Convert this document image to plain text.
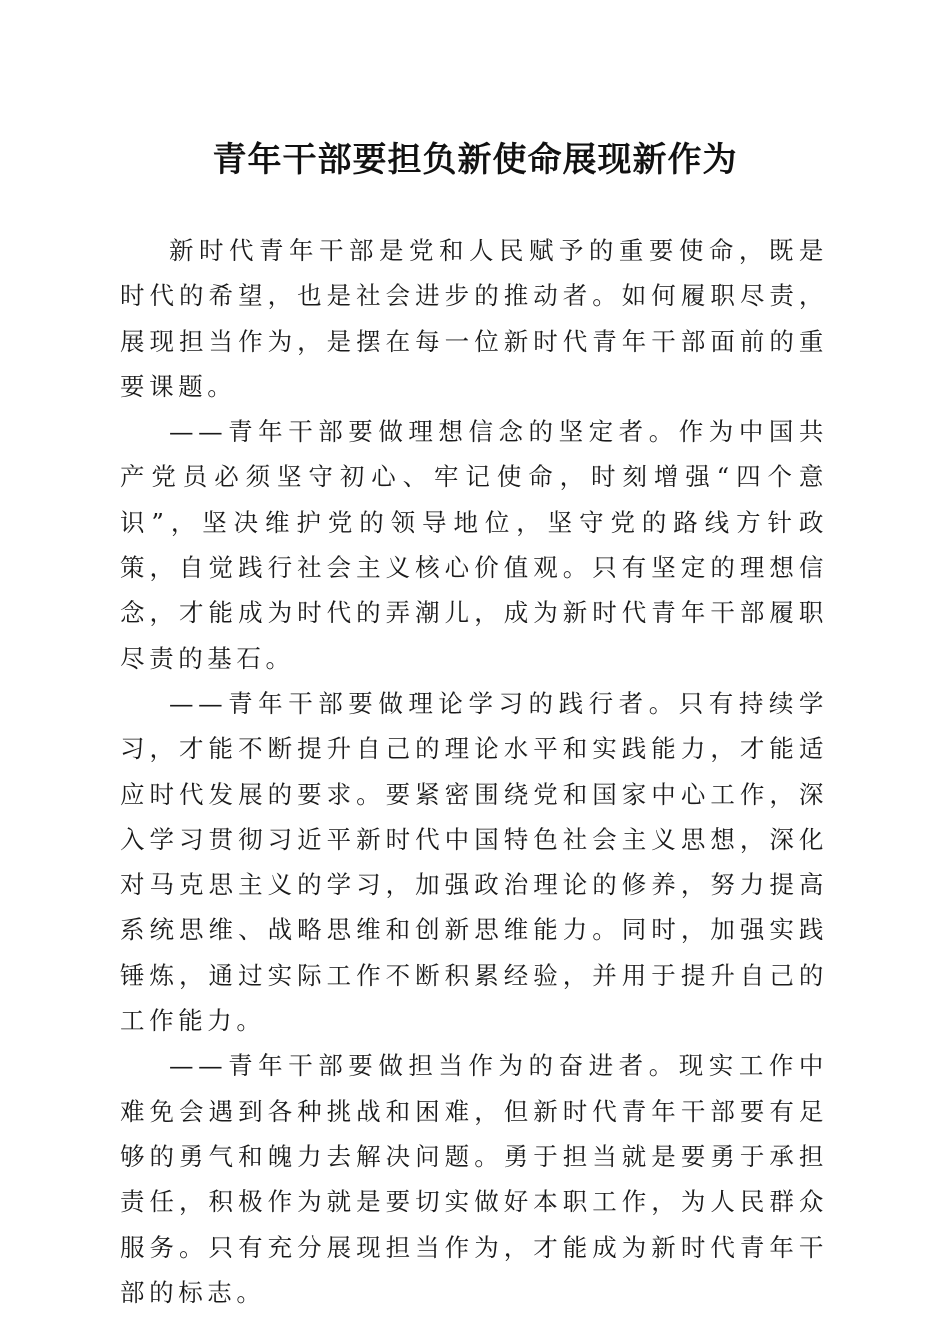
青年干部要担负新使命展现新作为

新时代青年干部是党和人民赋予的重要使命，既是时代的希望，也是社会进步的推动者。如何履职尽责，展现担当作为，是摆在每一位新时代青年干部面前的重要课题。

——青年干部要做理想信念的坚定者。作为中国共产党员必须坚守初心、牢记使命，时刻增强“四个意识”，坚决维护党的领导地位，坚守党的路线方针政策，自觉践行社会主义核心价值观。只有坚定的理想信念，才能成为时代的弄潮儿，成为新时代青年干部履职尽责的基石。

——青年干部要做理论学习的践行者。只有持续学习，才能不断提升自己的理论水平和实践能力，才能适应时代发展的要求。要紧密围绕党和国家中心工作，深入学习贯彻习近平新时代中国特色社会主义思想，深化对马克思主义的学习，加强政治理论的修养，努力提高系统思维、战略思维和创新思维能力。同时，加强实践锤炼，通过实际工作不断积累经验，并用于提升自己的工作能力。

——青年干部要做担当作为的奋进者。现实工作中难免会遇到各种挑战和困难，但新时代青年干部要有足够的勇气和魄力去解决问题。勇于担当就是要勇于承担责任，积极作为就是要切实做好本职工作，为人民群众服务。只有充分展现担当作为，才能成为新时代青年干部的标志。
